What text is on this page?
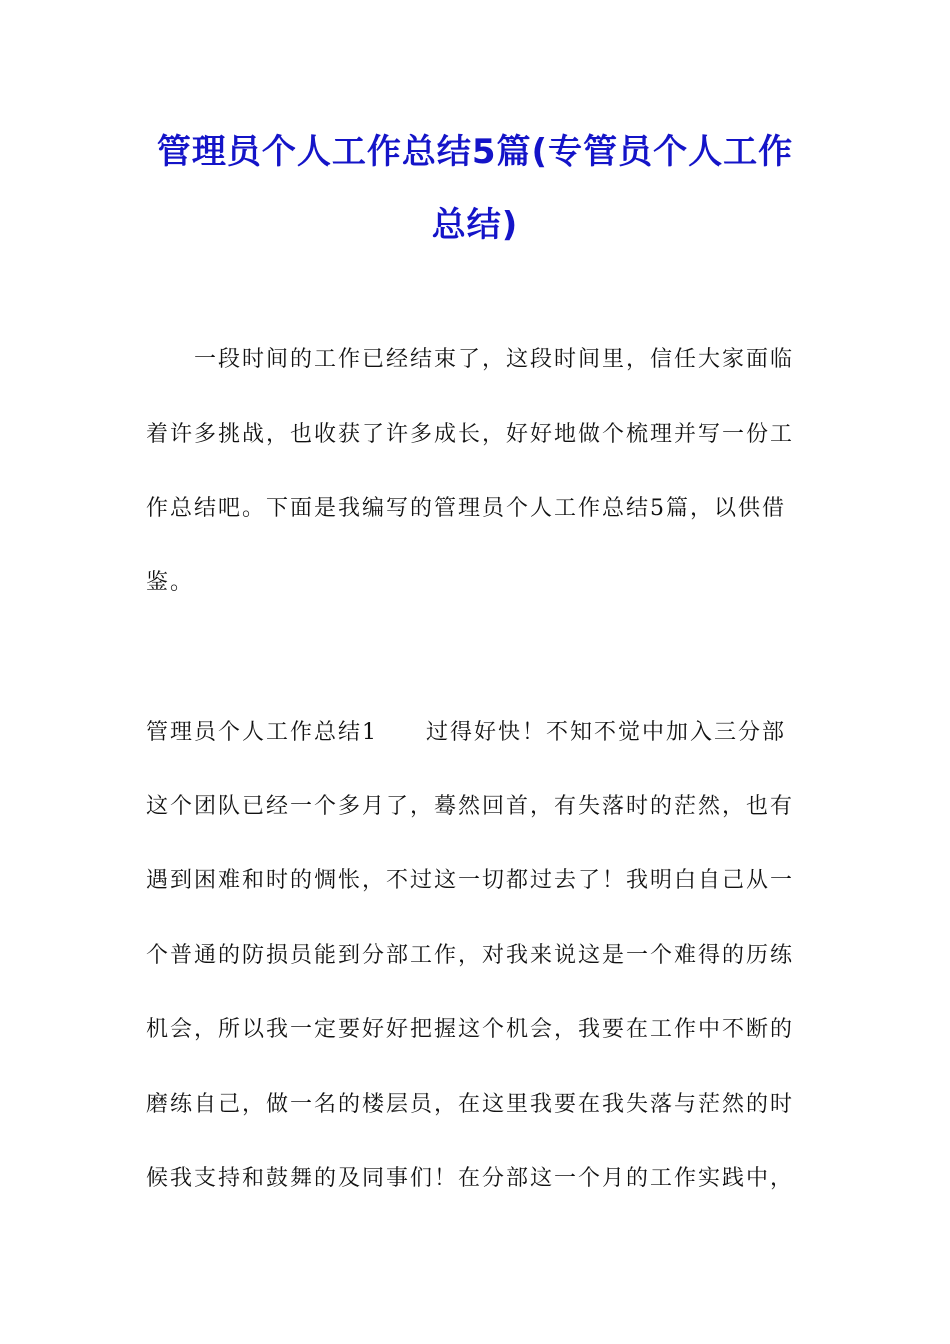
管理员个人工作总结5篇(专管员个人工作
总结)

　　一段时间的工作已经结束了，这段时间里，信任大家面临

着许多挑战，也收获了许多成长，好好地做个梳理并写一份工

作总结吧。下面是我编写的管理员个人工作总结5篇，以供借

鉴。

管理员个人工作总结1　　过得好快！不知不觉中加入三分部

这个团队已经一个多月了，蓦然回首，有失落时的茫然，也有

遇到困难和时的惆怅，不过这一切都过去了！我明白自己从一

个普通的防损员能到分部工作，对我来说这是一个难得的历练

机会，所以我一定要好好把握这个机会，我要在工作中不断的

磨练自己，做一名的楼层员，在这里我要在我失落与茫然的时

候我支持和鼓舞的及同事们！在分部这一个月的工作实践中，
